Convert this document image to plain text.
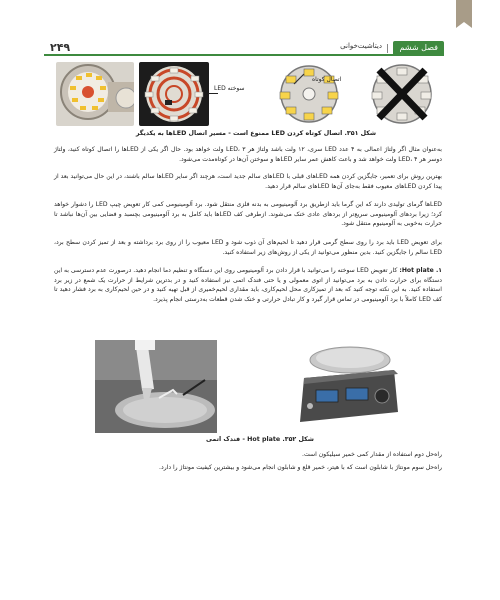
فصل ششم
دیتاشیت‌خوانی
۲۴۹
LED سوخته
اتصال کوتاه
شکل ۳۵۱. اتصال کوتاه کردن LED ممنوع است - مسیر اتصال LEDها به یکدیگر
به‌عنوان مثال اگر ولتاژ اعمالی به ۴ عدد LED سری، ۱۲ ولت باشد ولتاژ هر LED، ۳ ولت خواهد بود. حال اگر یکی از LEDها را اتصال کوتاه کنید، ولتاژ دوسر هر LED، ۴ ولت خواهد شد و باعث کاهش عمر سایر LEDها و سوختن آن‌ها در کوتاه‌مدت می‌شود.
بهترین روش برای تعمیر، جایگزین کردن همه LEDهای قبلی با LEDهای سالم جدید است، هرچند اگر سایر LEDها سالم باشند، در این حال می‌توانید بعد از پیدا کردن LEDهای معیوب فقط به‌جای آن‌ها LEDهای سالم قرار دهید.
LEDها گرمای تولیدی دارند که این گرما باید ازطریق برد آلومینیومی به بدنه فلزی منتقل شود. برد آلومینیومی کمی کار تعویض چیپ LED را دشوار خواهد کرد؛ زیرا بردهای آلومینیومی سریع‌تر از بردهای عادی خنک می‌شوند. ازطرفی کف LEDها باید کامل به برد آلومینیومی بچسبد و فضایی بین آن‌ها نباشد تا حرارت به‌خوبی به آلومینیوم منتقل شود.
برای تعویض LED باید برد را روی سطح گرمی قرار دهید تا لحیم‌های آن ذوب شود و LED معیوب را از روی برد برداشته و بعد از تمیز کردن سطح برد، LED سالم را جایگزین کنید. بدین منظور می‌توانید از یکی از روش‌های زیر استفاده کنید.
۱. Hot plate: کار تعویض LED سوخته را می‌توانید با قرار دادن برد آلومینیومی روی این دستگاه و تنظیم دما انجام دهید. درصورت عدم دسترسی به این دستگاه برای حرارت دادن به برد می‌توانید از اتوی معمولی و یا حتی فندک اتمی نیز استفاده کنید و در بدترین شرایط از حرارت یک شمع در زیر برد استفاده کنید. به این نکته توجه کنید که بعد از تمیزکاری محل لحیم‌کاری، باید مقداری لحیم‌خمیری از قبل تهیه کنید و در حین لحیم‌کاری به برد فشار دهید تا کف LED کاملاً با برد آلومینیومی در تماس قرار گیرد و کار تبادل حرارتی و خنک شدن قطعات به‌درستی انجام پذیرد.
شکل ۳۵۲. Hot plate - فندک اتمی
راه‌حل دوم استفاده از مقدار کمی خمیر سیلیکون است.
راه‌حل سوم مونتاژ با شابلون است که با هیتر، خمیر قلع و شابلون انجام می‌شود و بیشترین کیفیت مونتاژ را دارد.
